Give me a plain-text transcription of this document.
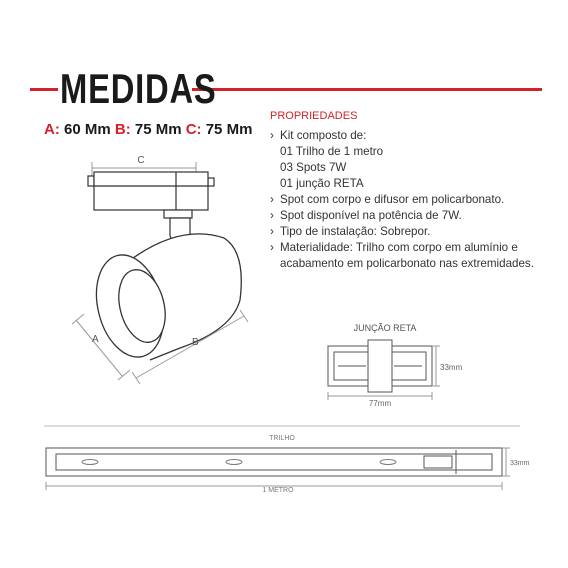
MEDIDAS
A: 60 Mm B: 75 Mm C: 75 Mm
PROPRIEDADES
› Kit composto de:
01 Trilho de 1 metro
03 Spots 7W
01 junção RETA
› Spot com corpo e difusor em policarbonato.
› Spot disponível na potência de 7W.
› Tipo de instalação: Sobrepor.
› Materialidade: Trilho com corpo em alumínio e
acabamento em policarbonato nas extremidades.
C
A	B
JUNÇÃO RETA
33mm
77mm
TRILHO
33mm
1 METRO
